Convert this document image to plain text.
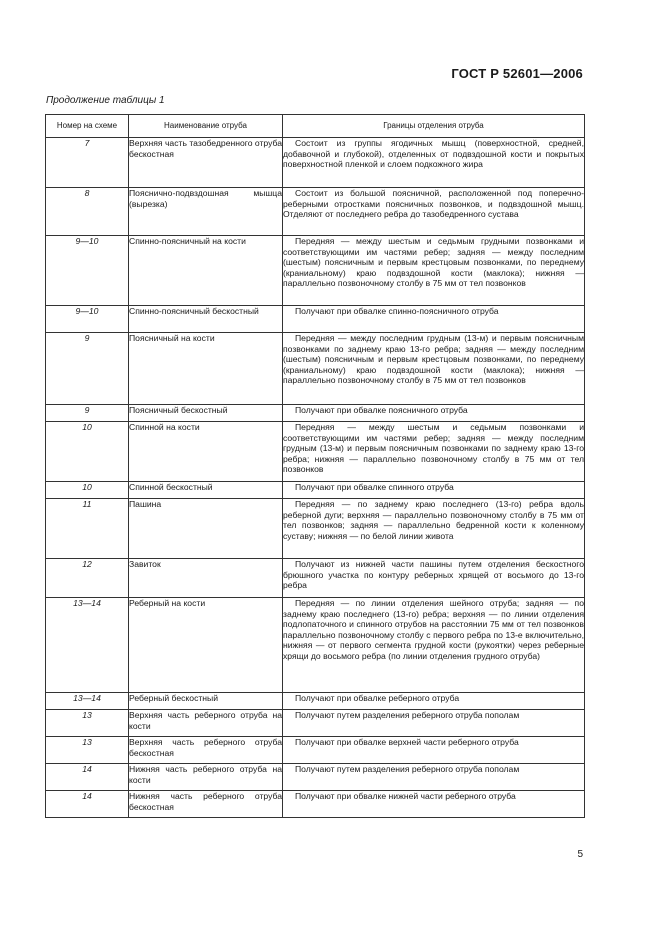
ГОСТ Р 52601—2006
Продолжение таблицы 1
Номер на схеме	Наименование отруба	Границы отделения отруба
7	Верхняя часть тазобедренного отруба бескостная	Состоит из группы ягодичных мышц (поверхностной, средней, добавочной и глубокой), отделенных от подвздошной кости и покрытых поверхностной пленкой и слоем подкожного жира
8	Пояснично-подвздошная мышца (вырезка)	Состоит из большой поясничной, расположенной под поперечно-реберными отростками поясничных позвонков, и подвздошной мышц. Отделяют от последнего ребра до тазобедренного сустава
9—10	Спинно-поясничный на кости	Передняя — между шестым и седьмым грудными позвонками и соответствующими им частями ребер; задняя — между последним (шестым) поясничным и первым крестцовым позвонками, по переднему (краниальному) краю подвздошной кости (маклока); нижняя — параллельно позвоночному столбу в 75 мм от тел позвонков
9—10	Спинно-поясничный бескостный	Получают при обвалке спинно-поясничного отруба
9	Поясничный на кости	Передняя — между последним грудным (13-м) и первым поясничным позвонками по заднему краю 13-го ребра; задняя — между последним (шестым) поясничным и первым крестцовым позвонками, по переднему (краниальному) краю подвздошной кости (маклока); нижняя — параллельно позвоночному столбу в 75 мм от тел позвонков
9	Поясничный бескостный	Получают при обвалке поясничного отруба
10	Спинной на кости	Передняя — между шестым и седьмым позвонками и соответствующими им частями ребер; задняя — между последним грудным (13-м) и первым поясничным позвонками по заднему краю 13-го ребра; нижняя — параллельно позвоночному столбу в 75 мм от тел позвонков
10	Спинной бескостный	Получают при обвалке спинного отруба
11	Пашина	Передняя — по заднему краю последнего (13-го) ребра вдоль реберной дуги; верхняя — параллельно позвоночному столбу в 75 мм от тел позвонков; задняя — параллельно бедренной кости к коленному суставу; нижняя — по белой линии живота
12	Завиток	Получают из нижней части пашины путем отделения бескостного брюшного участка по контуру реберных хрящей от восьмого до 13-го ребра
13—14	Реберный на кости	Передняя — по линии отделения шейного отруба; задняя — по заднему краю последнего (13-го) ребра; верхняя — по линии отделения подлопаточного и спинного отрубов на расстоянии 75 мм от тел позвонков параллельно позвоночному столбу с первого ребра по 13-е включительно, нижняя — от первого сегмента грудной кости (рукоятки) через реберные хрящи до восьмого ребра (по линии отделения грудного отруба)
13—14	Реберный бескостный	Получают при обвалке реберного отруба
13	Верхняя часть реберного отруба на кости	Получают путем разделения реберного отруба пополам
13	Верхняя часть реберного отруба бескостная	Получают при обвалке верхней части реберного отруба
14	Нижняя часть реберного отруба на кости	Получают путем разделения реберного отруба пополам
14	Нижняя часть реберного отруба бескостная	Получают при обвалке нижней части реберного отруба
5
